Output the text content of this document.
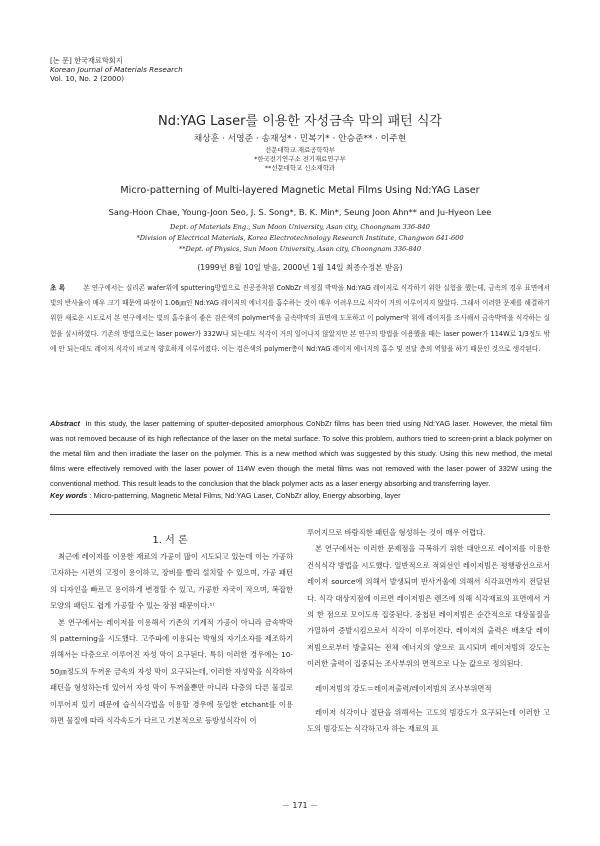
[논 문] 한국재료학회지
Korean Journal of Materials Research
Vol. 10, No. 2 (2000)
Nd:YAG Laser를 이용한 자성금속 막의 패턴 식각
채상훈 · 서영준 · 송재성* · 민복기* · 안승준** · 이주현
선문대학교 재료공학학부
*한국전기연구소 전기재료연구부
**선문대학교 신소재학과
Micro-patterning of Multi-layered Magnetic Metal Films Using Nd:YAG Laser
Sang-Hoon Chae, Young-Joon Seo, J. S. Song*, B. K. Min*, Seung Joon Ahn** and Ju-Hyeon Lee
Dept. of Materials Eng., Sun Moon University, Asan city, Choongnam 336-840
*Division of Electrical Materials, Korea Electrotechnology Research Institute, Changwon 641-600
**Dept. of Physics, Sun Moon University, Asan city, Choongnam 336-840
(1999년 8월 10일 받음, 2000년 1월 14일 최종수정본 받음)
초 록	본 연구에서는 실리콘 wafer위에 sputtering방법으로 진공증착된 CoNbZr 비정질 박막을 Nd:YAG 레이저로 식각하기 위한 실험을 했는데, 금속의 경우 표면에서 빛의 반사율이 매우 크기 때문에 파장이 1.06㎛인 Nd:YAG 레이저의 에너지를 흡수하는 것이 매우 어려우므로 식각이 거의 이루어지지 않았다. 그래서 이러한 문제를 해결하기 위한 새로운 시도로서 본 연구에서는 빛의 흡수율이 좋은 검은색의 polymer막을 금속박막의 표면에 도포하고 이 polymer막 위에 레이저를 조사해서 금속박막을 식각하는 실험을 실시하였다. 기존의 방법으로는 laser power가 332W나 되는데도 식각이 거의 일어나지 않았지만 본 연구의 방법을 이용했을 때는 laser power가 114W로 1/3정도 밖에 안 되는데도 레이저 식각이 비교적 양호하게 이루어졌다. 이는 검은색의 polymer층이 Nd:YAG 레이저 에너지의 흡수 및 전달 층의 역할을 하기 때문인 것으로 생각된다.
Abstract In this study, the laser patterning of sputter-deposited amorphous CoNbZr films has been tried using Nd:YAG laser. However, the metal film was not removed because of its high reflectance of the laser on the metal surface. To solve this problem, authors tried to screen-print a black polymer on the metal film and then irradiate the laser on the polymer. This is a new method which was suggested by this study. Using this new method, the metal films were effectively removed with the laser power of 114W even though the metal films was not removed with the laser power of 332W using the conventional method. This result leads to the conclusion that the black polymer acts as a laser energy absorbing and transferring layer.
Key words : Micro-patterning, Magnetic Metal Films, Nd:YAG Laser, CoNbZr alloy, Energy absorbing, layer
1. 서 론

최근에 레이저를 이용한 재료의 가공이 많이 시도되고 있는데 이는 가공하고자하는 시편의 고정이 용이하고, 장비를 빨리 설치할 수 있으며, 가공 패턴의 디자인을 빠르고 용이하게 변경할 수 있고, 가공한 자국이 작으며, 복잡한 모양의 패턴도 쉽게 가공할 수 있는 장점 때문이다.¹⁾

본 연구에서는 레이저를 이용해서 기존의 기계적 가공이 아니라 금속박막의 patterning을 시도했다. 고주파에 이용되는 박형의 자기소자를 제조하기 위해서는 다층으로 이루어진 자성 막이 요구된다. 특히 이러한 경우에는 10-50㎛정도의 두꺼운 금속의 자성 막이 요구되는데, 이러한 자성막을 식각하여 패턴을 형성하는데 있어서 자성 막이 두꺼울뿐만 아니라 다층의 다른 물질로 이루어져 있기 때문에 습식식각법을 이용할 경우에 동일한 etchant를 이용하면 물질에 따라 식각속도가 다르고 기본적으로 등방성식각이 이

루어지므로 바람직한 패턴을 형성하는 것이 매우 어렵다.

본 연구에서는 이러한 문제점을 극복하기 위한 대안으로 레이저를 이용한 건식식각 방법을 시도했다. 일반적으로 적외선인 레이저빔은 평행광선으로서 레이저 source에 의해서 발생되며 반사거울에 의해서 식각표면까지 전달된다. 식각 대상지점에 이르면 레이저빔은 렌즈에 의해 식각재료의 표면에서 거의 한 점으로 모이도록 집중된다. 중첩된 레이저빔은 순간적으로 대상물질을 가열하여 증발시킴으로서 식각이 이루어진다. 레이저의 출력은 배초당 레이저빔으로부터 방출되는 전체 에너지의 양으로 표시되며 레이저빔의 강도는 이러한 출력이 집중되는 조사부위의 면적으로 나눈 값으로 정의된다.

레이저빔의 강도＝레이저출력/레이저빔의 조사부위면적

레이저 식각이나 절단을 위해서는 고도의 빔강도가 요구되는데 이러한 고도의 빔강도는 식각하고자 하는 재료의 표

－ 171 －
